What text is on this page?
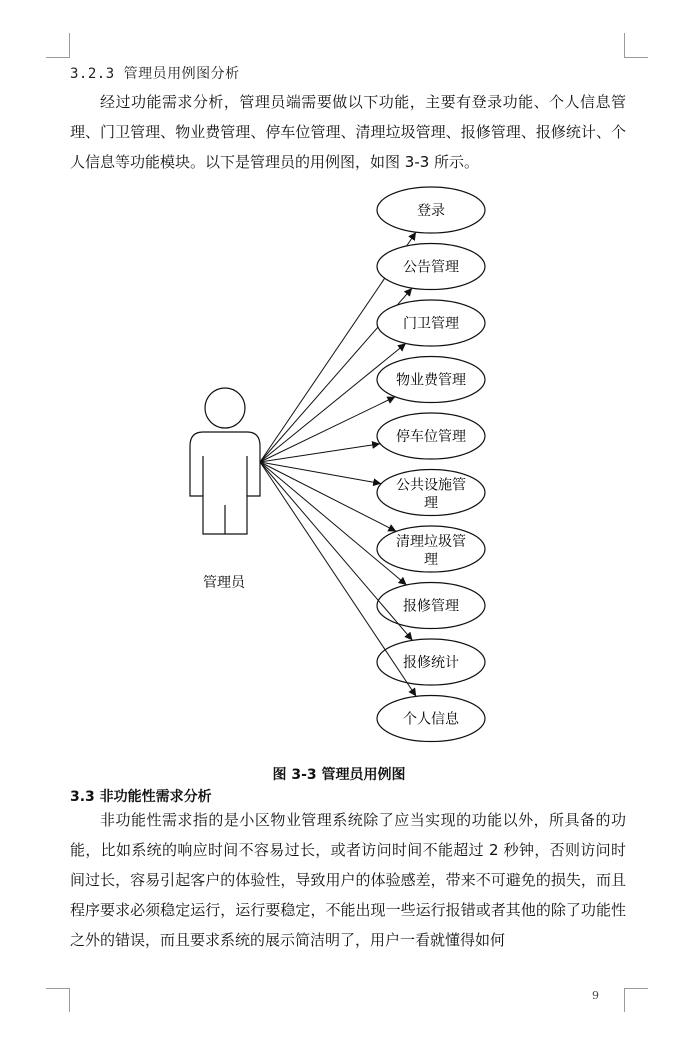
3.2.3 管理员用例图分析

经过功能需求分析，管理员端需要做以下功能，主要有登录功能、个人信息管理、门卫管理、物业费管理、停车位管理、清理垃圾管理、报修管理、报修统计、个人信息等功能模块。以下是管理员的用例图，如图 3-3 所示。

管理员
登录
公告管理
门卫管理
物业费管理
停车位管理
公共设施管
理
清理垃圾管
理
报修管理
报修统计
个人信息
图 3-3 管理员用例图
3.3 非功能性需求分析

非功能性需求指的是小区物业管理系统除了应当实现的功能以外，所具备的功能，比如系统的响应时间不容易过长，或者访问时间不能超过 2 秒钟，否则访问时间过长，容易引起客户的体验性，导致用户的体验感差，带来不可避免的损失，而且程序要求必须稳定运行，运行要稳定，不能出现一些运行报错或者其他的除了功能性之外的错误，而且要求系统的展示简洁明了，用户一看就懂得如何

9
